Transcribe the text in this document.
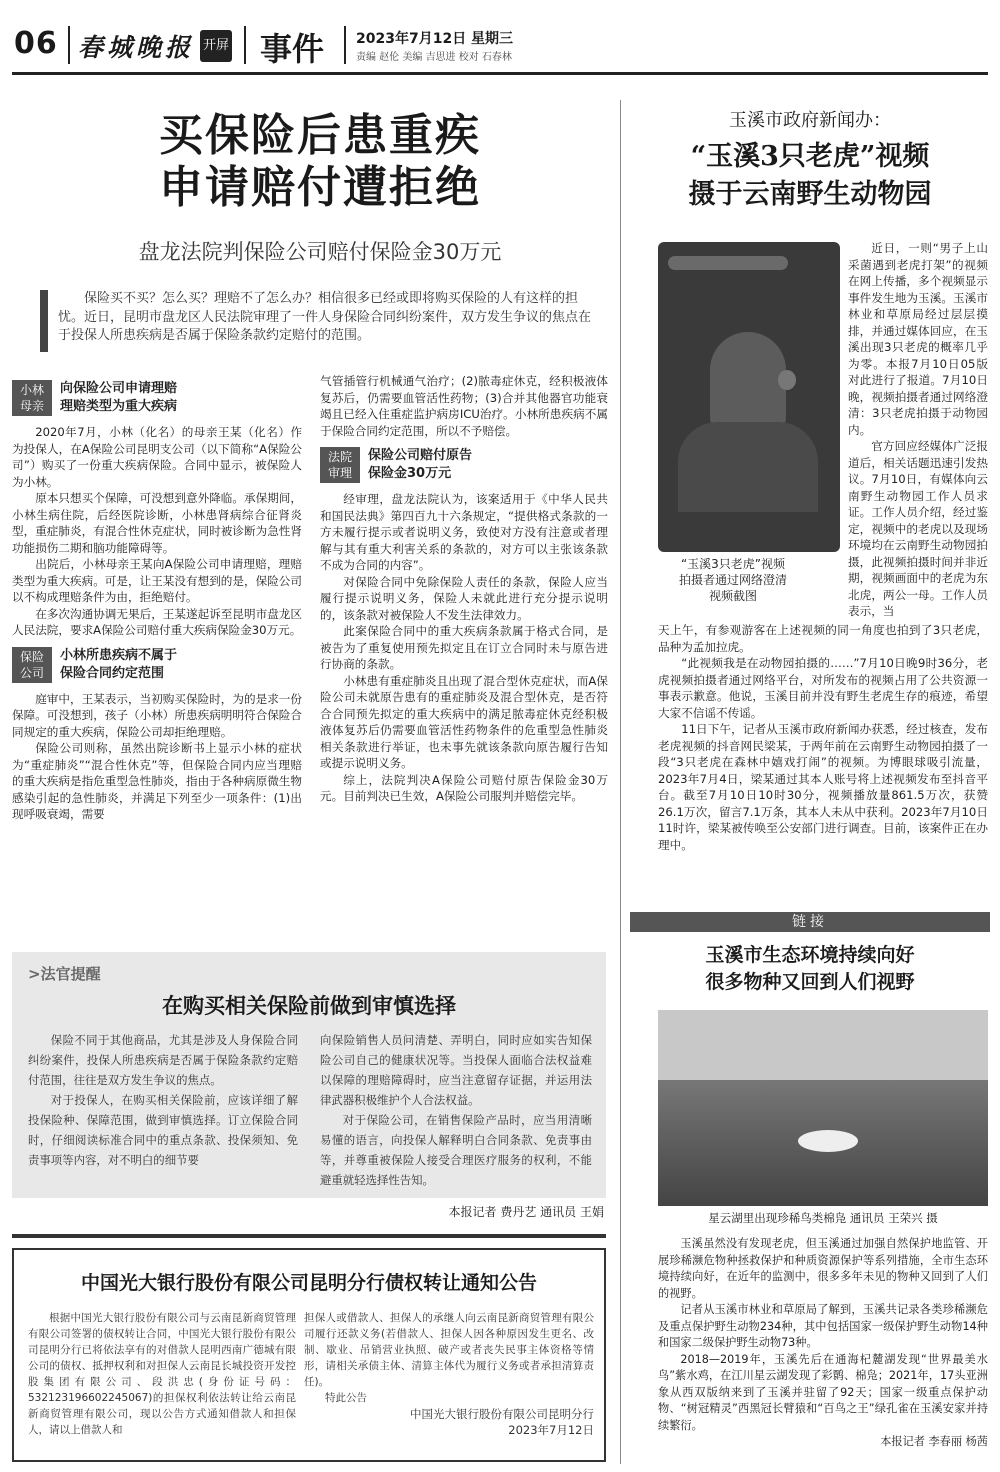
06 春城晚报 开屏 事件 2023年7月12日 星期三
责编 赵伦 美编 吉思进 校对 石春林
买保险后患重疾
申请赔付遭拒绝
盘龙法院判保险公司赔付保险金30万元

保险买不买？怎么买？理赔不了怎么办？相信很多已经或即将购买保险的人有这样的担忧。近日，昆明市盘龙区人民法院审理了一件人身保险合同纠纷案件，双方发生争议的焦点在于投保人所患疾病是否属于保险条款约定赔付的范围。

小林
母亲
向保险公司申请理赔
理赔类型为重大疾病

2020年7月，小林（化名）的母亲王某（化名）作为投保人，在A保险公司昆明支公司（以下简称“A保险公司”）购买了一份重大疾病保险。合同中显示，被保险人为小林。

原本只想买个保障，可没想到意外降临。承保期间，小林生病住院，后经医院诊断，小林患肾病综合征肾炎型，重症肺炎，有混合性休克症状，同时被诊断为急性肾功能损伤二期和脑功能障碍等。

出院后，小林母亲王某向A保险公司申请理赔，理赔类型为重大疾病。可是，让王某没有想到的是，保险公司以不构成理赔条件为由，拒绝赔付。

在多次沟通协调无果后，王某遂起诉至昆明市盘龙区人民法院，要求A保险公司赔付重大疾病保险金30万元。

保险
公司
小林所患疾病不属于
保险合同约定范围

庭审中，王某表示，当初购买保险时，为的是求一份保障。可没想到，孩子（小林）所患疾病明明符合保险合同规定的重大疾病，保险公司却拒绝理赔。

保险公司则称，虽然出院诊断书上显示小林的症状为“重症肺炎”“混合性休克”等，但保险合同内应当理赔的重大疾病是指危重型急性肺炎，指由于各种病原微生物感染引起的急性肺炎，并满足下列至少一项条件：(1)出现呼吸衰竭，需要

气管插管行机械通气治疗；(2)脓毒症休克，经积极液体复苏后，仍需要血管活性药物；(3)合并其他器官功能衰竭且已经入住重症监护病房ICU治疗。小林所患疾病不属于保险合同约定范围，所以不予赔偿。
法院
审理
保险公司赔付原告
保险金30万元

经审理，盘龙法院认为，该案适用于《中华人民共和国民法典》第四百九十六条规定，“提供格式条款的一方未履行提示或者说明义务，致使对方没有注意或者理解与其有重大利害关系的条款的，对方可以主张该条款不成为合同的内容”。

对保险合同中免除保险人责任的条款，保险人应当履行提示说明义务，保险人未就此进行充分提示说明的，该条款对被保险人不发生法律效力。

此案保险合同中的重大疾病条款属于格式合同，是被告为了重复使用预先拟定且在订立合同时未与原告进行协商的条款。

小林患有重症肺炎且出现了混合型休克症状，而A保险公司未就原告患有的重症肺炎及混合型休克，是否符合合同预先拟定的重大疾病中的满足脓毒症休克经积极液体复苏后仍需要血管活性药物条件的危重型急性肺炎相关条款进行举证，也未事先就该条款向原告履行告知或提示说明义务。

综上，法院判决A保险公司赔付原告保险金30万元。目前判决已生效，A保险公司服判并赔偿完毕。

>法官提醒
在购买相关保险前做到审慎选择

保险不同于其他商品，尤其是涉及人身保险合同纠纷案件，投保人所患疾病是否属于保险条款约定赔付范围，往往是双方发生争议的焦点。

对于投保人，在购买相关保险前，应该详细了解投保险种、保障范围，做到审慎选择。订立保险合同时，仔细阅读标准合同中的重点条款、投保须知、免责事项等内容，对不明白的细节要

向保险销售人员问清楚、弄明白，同时应如实告知保险公司自己的健康状况等。当投保人面临合法权益难以保障的理赔障碍时，应当注意留存证据，并运用法律武器积极维护个人合法权益。

对于保险公司，在销售保险产品时，应当用清晰易懂的语言，向投保人解释明白合同条款、免责事由等，并尊重被保险人接受合理医疗服务的权利，不能避重就轻选择性告知。

本报记者 费丹艺 通讯员 王娟
中国光大银行股份有限公司昆明分行债权转让通知公告

根据中国光大银行股份有限公司与云南昆新商贸管理有限公司签署的债权转让合同，中国光大银行股份有限公司昆明分行已将依法享有的对借款人昆明西南广德城有限公司的债权、抵押权利和对担保人云南昆长城投资开发控股集团有限公司、段洪忠(身份证号码：532123196602245067)的担保权利依法转让给云南昆新商贸管理有限公司，现以公告方式通知借款人和担保人，请以上借款人和

担保人或借款人、担保人的承继人向云南昆新商贸管理有限公司履行还款义务(若借款人、担保人因各种原因发生更名、改制、歇业、吊销营业执照、破产或者丧失民事主体资格等情形，请相关承债主体、清算主体代为履行义务或者承担清算责任)。
特此公告
中国光大银行股份有限公司昆明分行
2023年7月12日
玉溪市政府新闻办：
“玉溪3只老虎”视频
摄于云南野生动物园
“玉溪3只老虎”视频
拍摄者通过网络澄清
视频截图

近日，一则“男子上山采菌遇到老虎打架”的视频在网上传播，多个视频显示事件发生地为玉溪。玉溪市林业和草原局经过层层摸排，并通过媒体回应，在玉溪出现3只老虎的概率几乎为零。本报7月10日05版对此进行了报道。7月10日晚，视频拍摄者通过网络澄清：3只老虎拍摄于动物园内。

官方回应经媒体广泛报道后，相关话题迅速引发热议。7月10日，有媒体向云南野生动物园工作人员求证。工作人员介绍，经过鉴定，视频中的老虎以及现场环境均在云南野生动物园拍摄，此视频拍摄时间并非近期，视频画面中的老虎为东北虎，两公一母。工作人员表示，当

天上午，有参观游客在上述视频的同一角度也拍到了3只老虎，品种为孟加拉虎。

“此视频我是在动物园拍摄的……”7月10日晚9时36分，老虎视频拍摄者通过网络平台，对所发布的视频占用了公共资源一事表示歉意。他说，玉溪目前并没有野生老虎生存的痕迹，希望大家不信谣不传谣。

11日下午，记者从玉溪市政府新闻办获悉，经过核查，发布老虎视频的抖音网民梁某，于两年前在云南野生动物园拍摄了一段“3只老虎在森林中嬉戏打闹”的视频。为博眼球吸引流量，2023年7月4日，梁某通过其本人账号将上述视频发布至抖音平台。截至7月10日10时30分，视频播放量861.5万次，获赞26.1万次，留言7.1万条，其本人未从中获利。2023年7月10日11时许，梁某被传唤至公安部门进行调查。目前，该案件正在办理中。

链接
玉溪市生态环境持续向好
很多物种又回到人们视野
星云湖里出现珍稀鸟类棉凫 通讯员 王荣兴 摄

玉溪虽然没有发现老虎，但玉溪通过加强自然保护地监管、开展珍稀濒危物种拯救保护和种质资源保护等系列措施，全市生态环境持续向好，在近年的监测中，很多多年未见的物种又回到了人们的视野。

记者从玉溪市林业和草原局了解到，玉溪共记录各类珍稀濒危及重点保护野生动物234种，其中包括国家一级保护野生动物14种和国家二级保护野生动物73种。

2018—2019年，玉溪先后在通海杞麓湖发现“世界最美水鸟”紫水鸡，在江川星云湖发现了彩鹮、棉凫；2021年，17头亚洲象从西双版纳来到了玉溪并驻留了92天；国家一级重点保护动物、“树冠精灵”西黑冠长臂猿和“百鸟之王”绿孔雀在玉溪安家并持续繁衍。

本报记者 李春丽 杨茜
